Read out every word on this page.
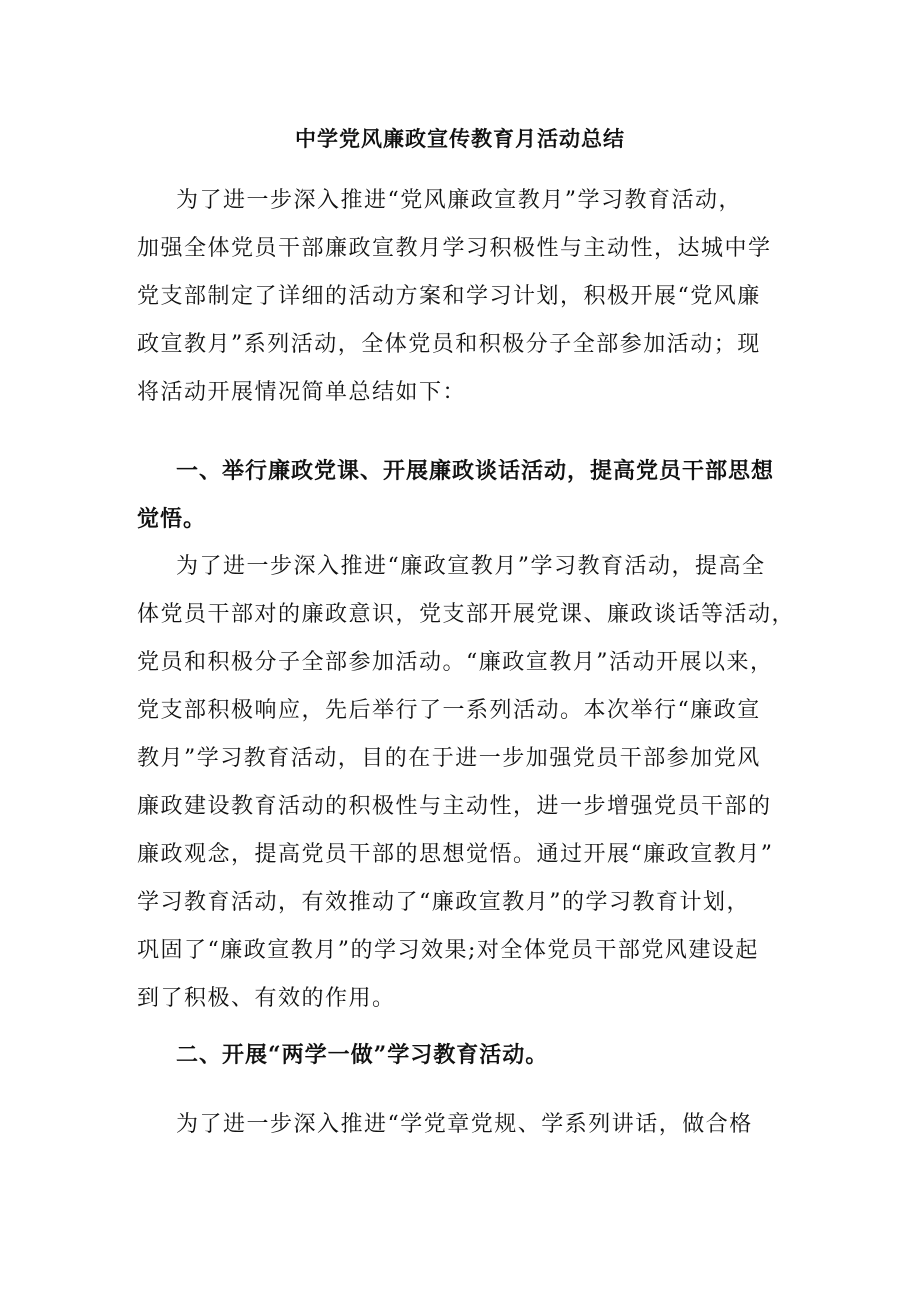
中学党风廉政宣传教育月活动总结
为了进一步深入推进“党风廉政宣教月”学习教育活动，
加强全体党员干部廉政宣教月学习积极性与主动性，达城中学
党支部制定了详细的活动方案和学习计划，积极开展“党风廉
政宣教月”系列活动，全体党员和积极分子全部参加活动；现
将活动开展情况简单总结如下：
一、举行廉政党课、开展廉政谈话活动，提高党员干部思想
觉悟。
为了进一步深入推进“廉政宣教月”学习教育活动，提高全
体党员干部对的廉政意识，党支部开展党课、廉政谈话等活动，
党员和积极分子全部参加活动。“廉政宣教月”活动开展以来，
党支部积极响应，先后举行了一系列活动。本次举行“廉政宣
教月”学习教育活动，目的在于进一步加强党员干部参加党风
廉政建设教育活动的积极性与主动性，进一步增强党员干部的
廉政观念，提高党员干部的思想觉悟。通过开展“廉政宣教月”
学习教育活动，有效推动了“廉政宣教月”的学习教育计划，
巩固了“廉政宣教月”的学习效果;对全体党员干部党风建设起
到了积极、有效的作用。
二、开展“两学一做”学习教育活动。
为了进一步深入推进“学党章党规、学系列讲话，做合格
